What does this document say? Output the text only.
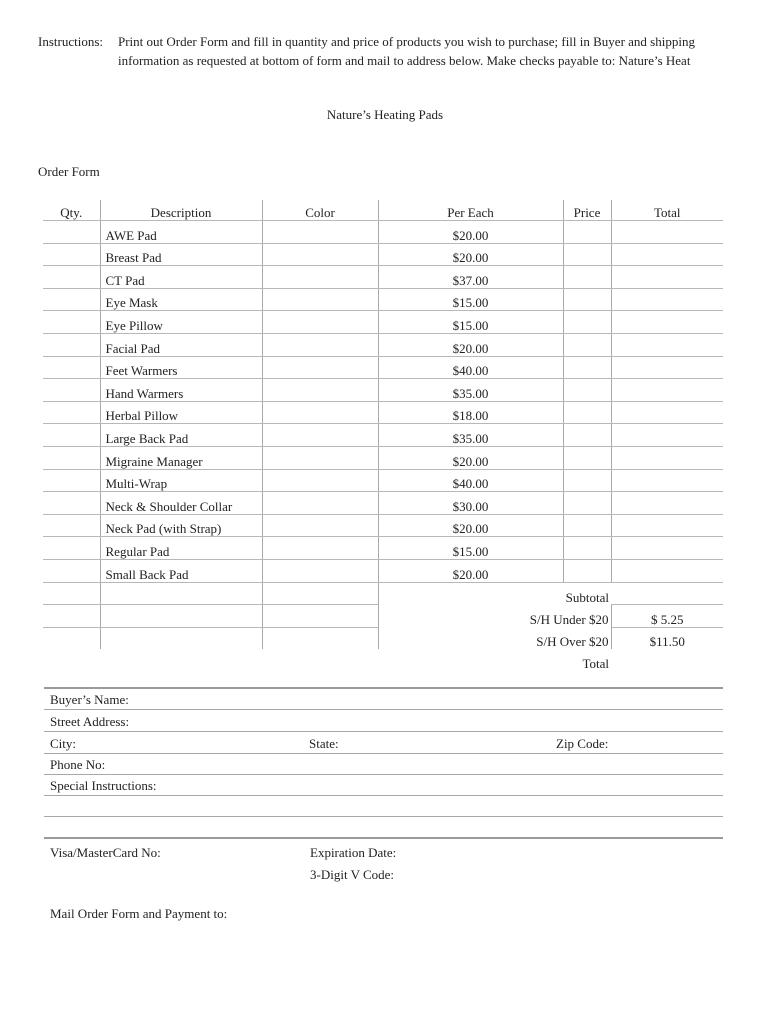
Instructions: Print out Order Form and fill in quantity and price of products you wish to purchase; fill in Buyer and shipping information as requested at bottom of form and mail to address below. Make checks payable to: Nature’s Heat
Nature’s Heating Pads
Order Form
Qty.	Description	Color	Per Each	Price	Total
	AWE Pad		$20.00		
	Breast Pad		$20.00		
	CT Pad		$37.00		
	Eye Mask		$15.00		
	Eye Pillow		$15.00		
	Facial Pad		$20.00		
	Feet Warmers		$40.00		
	Hand Warmers		$35.00		
	Herbal Pillow		$18.00		
	Large Back Pad		$35.00		
	Migraine Manager		$20.00		
	Multi-Wrap		$40.00		
	Neck & Shoulder Collar		$30.00		
	Neck Pad (with Strap)		$20.00		
	Regular Pad		$15.00		
	Small Back Pad		$20.00		
			Subtotal		
			S/H Under $20		$ 5.25
			S/H Over $20		$11.50
			Total		
Buyer’s Name:
Street Address:
City:	State:	Zip Code:
Phone No:
Special Instructions:
Visa/MasterCard No:	Expiration Date:
3-Digit V Code:
Mail Order Form and Payment to:
